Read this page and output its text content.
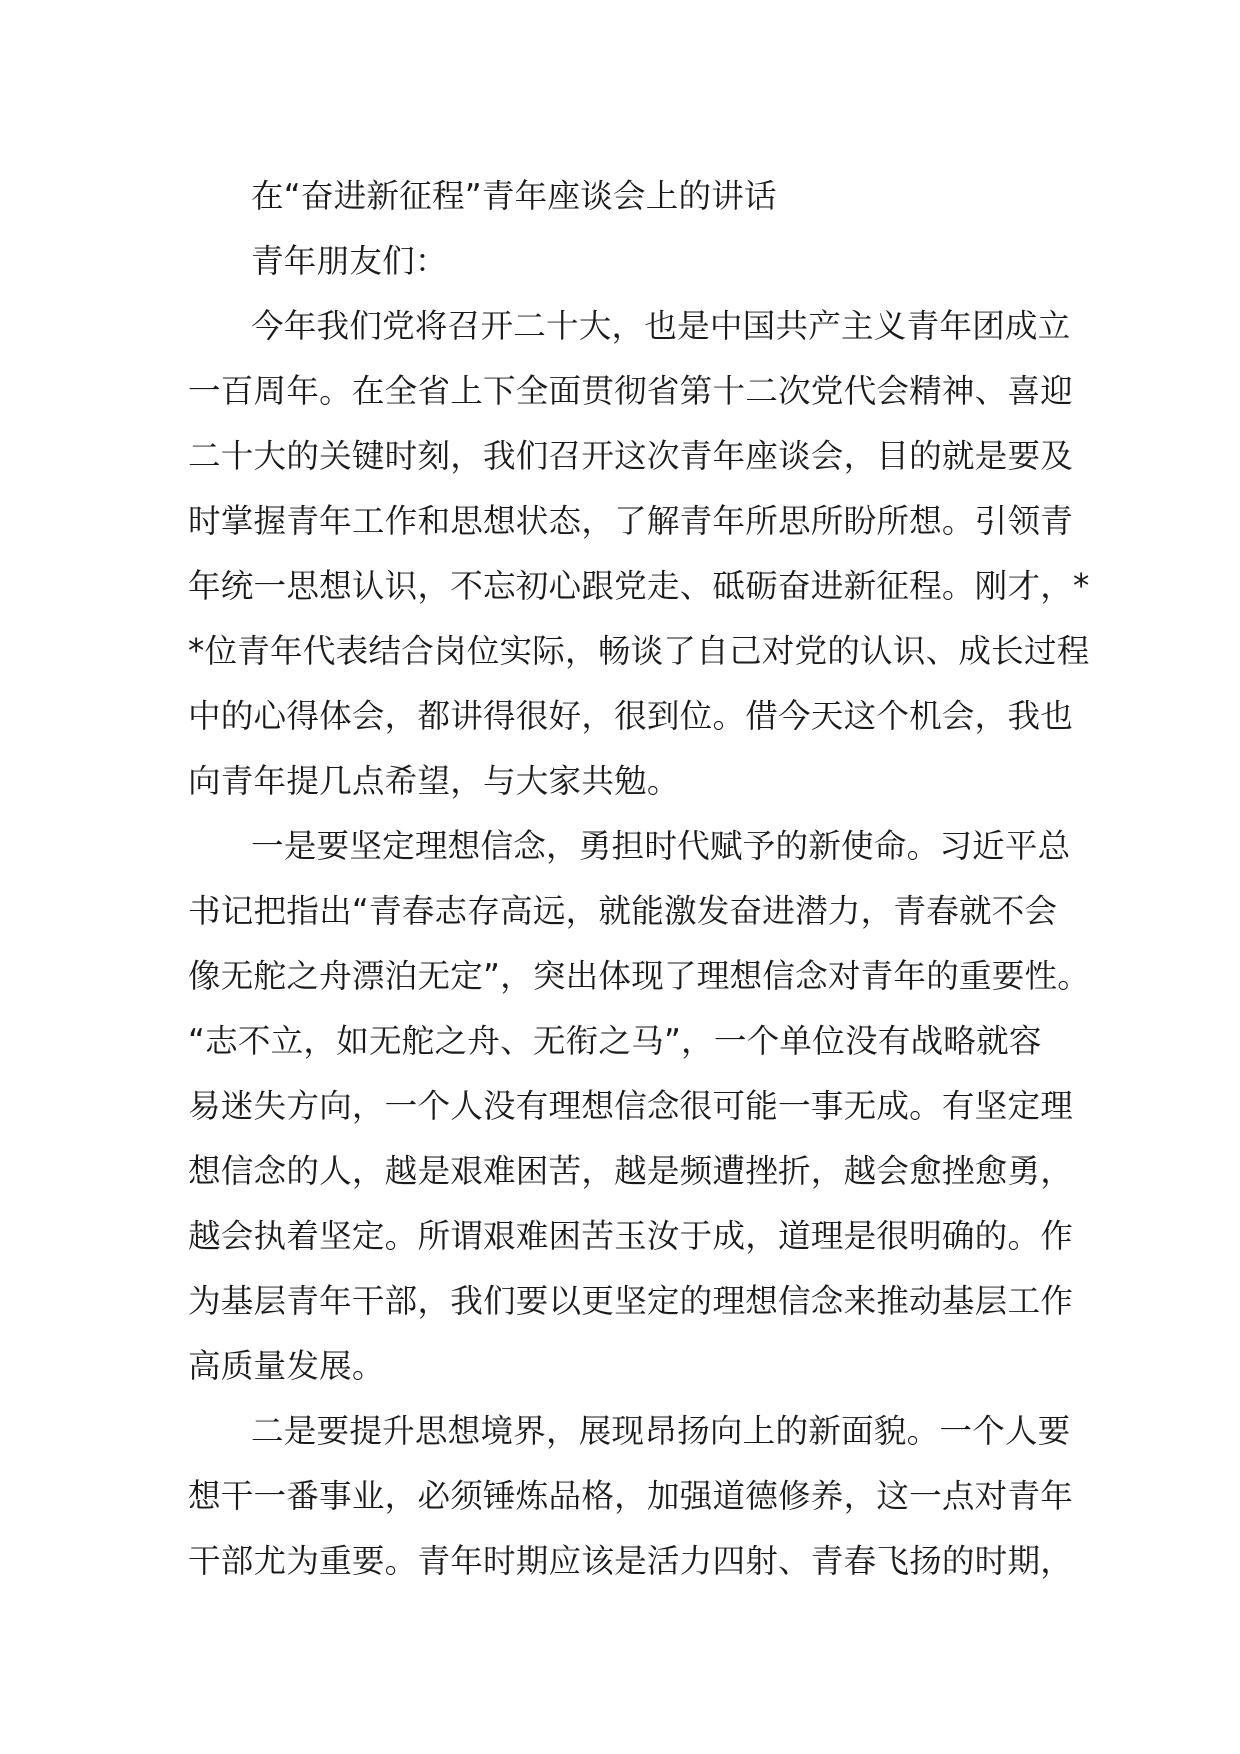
在“奋进新征程”青年座谈会上的讲话
青年朋友们：
今年我们党将召开二十大，也是中国共产主义青年团成立
一百周年。在全省上下全面贯彻省第十二次党代会精神、喜迎
二十大的关键时刻，我们召开这次青年座谈会，目的就是要及
时掌握青年工作和思想状态，了解青年所思所盼所想。引领青
年统一思想认识，不忘初心跟党走、砥砺奋进新征程。刚才，*
*位青年代表结合岗位实际，畅谈了自己对党的认识、成长过程
中的心得体会，都讲得很好，很到位。借今天这个机会，我也
向青年提几点希望，与大家共勉。
一是要坚定理想信念，勇担时代赋予的新使命。习近平总
书记把指出“青春志存高远，就能激发奋进潜力，青春就不会
像无舵之舟漂泊无定”，突出体现了理想信念对青年的重要性。
“志不立，如无舵之舟、无衔之马”，一个单位没有战略就容
易迷失方向，一个人没有理想信念很可能一事无成。有坚定理
想信念的人，越是艰难困苦，越是频遭挫折，越会愈挫愈勇，
越会执着坚定。所谓艰难困苦玉汝于成，道理是很明确的。作
为基层青年干部，我们要以更坚定的理想信念来推动基层工作
高质量发展。
二是要提升思想境界，展现昂扬向上的新面貌。一个人要
想干一番事业，必须锤炼品格，加强道德修养，这一点对青年
干部尤为重要。青年时期应该是活力四射、青春飞扬的时期，
